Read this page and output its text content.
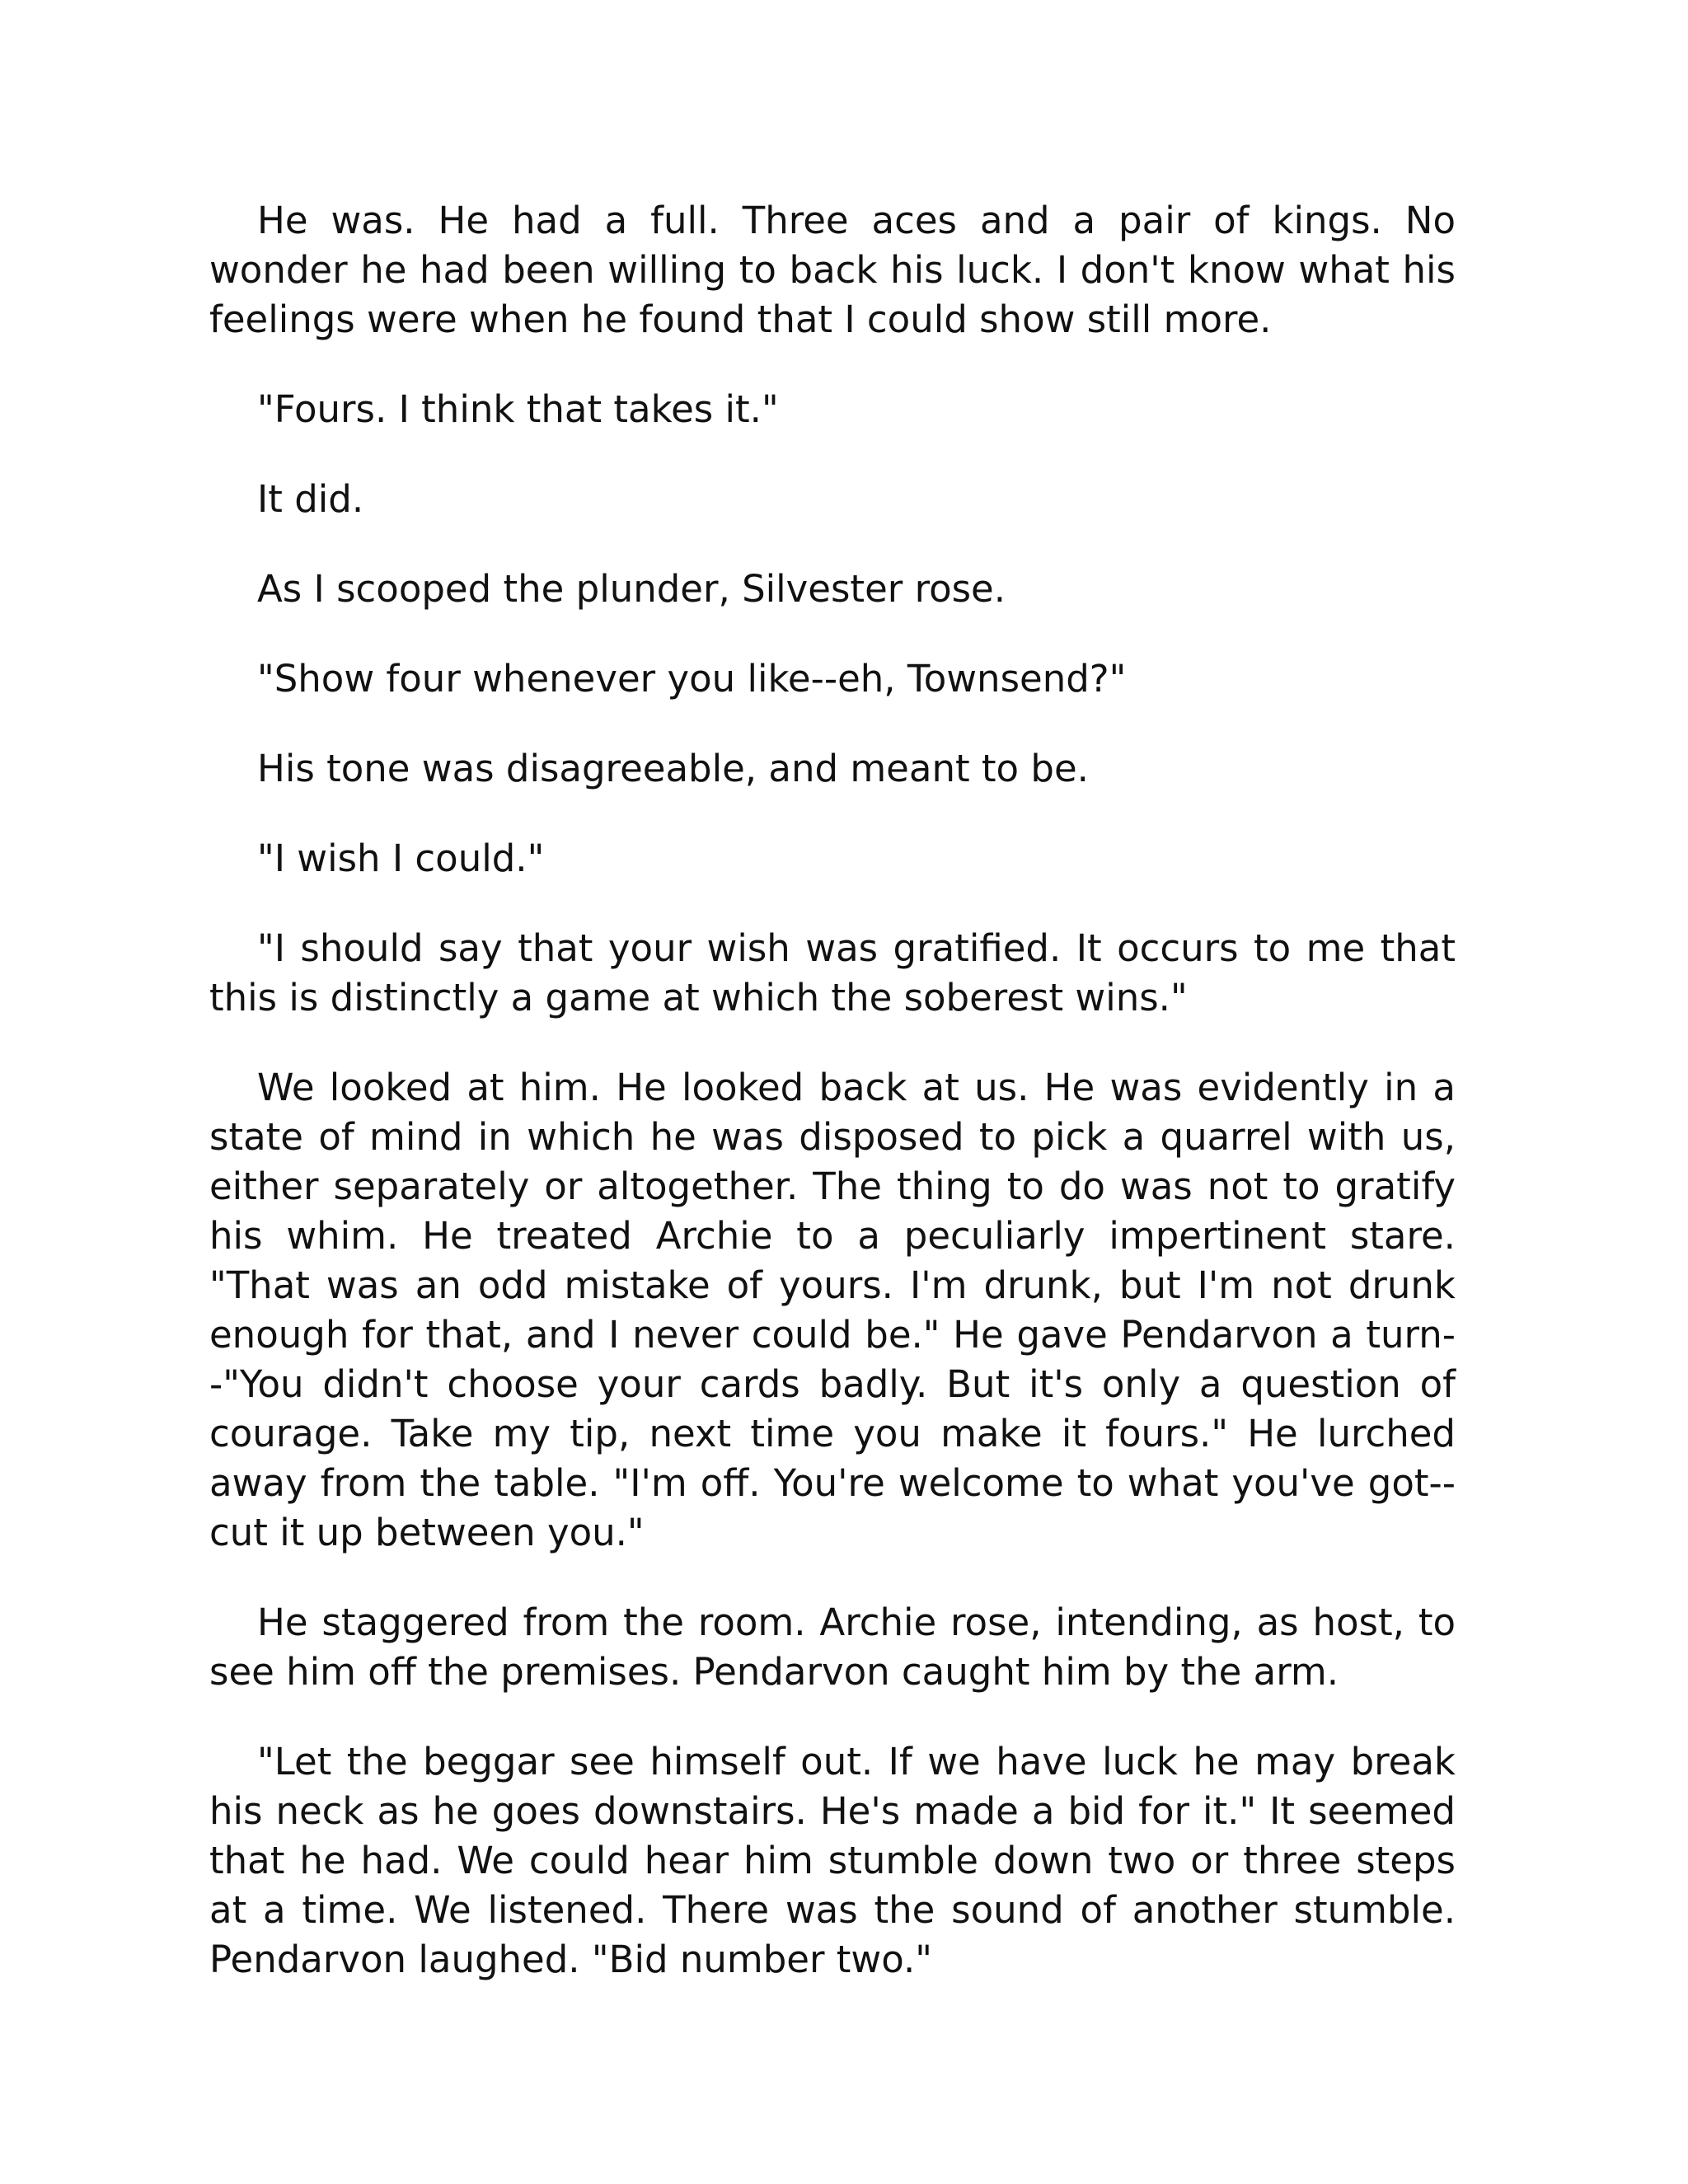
He was. He had a full. Three aces and a pair of kings. No wonder he had been willing to back his luck. I don't know what his feelings were when he found that I could show still more.

"Fours. I think that takes it."

It did.

As I scooped the plunder, Silvester rose.

"Show four whenever you like--eh, Townsend?"

His tone was disagreeable, and meant to be.

"I wish I could."

"I should say that your wish was gratified. It occurs to me that this is distinctly a game at which the soberest wins."

We looked at him. He looked back at us. He was evidently in a state of mind in which he was disposed to pick a quarrel with us, either separately or altogether. The thing to do was not to gratify his whim. He treated Archie to a peculiarly impertinent stare. "That was an odd mistake of yours. I'm drunk, but I'm not drunk enough for that, and I never could be." He gave Pendarvon a turn--"You didn't choose your cards badly. But it's only a question of courage. Take my tip, next time you make it fours." He lurched away from the table. "I'm off. You're welcome to what you've got--cut it up between you."

He staggered from the room. Archie rose, intending, as host, to see him off the premises. Pendarvon caught him by the arm.

"Let the beggar see himself out. If we have luck he may break his neck as he goes downstairs. He's made a bid for it." It seemed that he had. We could hear him stumble down two or three steps at a time. We listened. There was the sound of another stumble. Pendarvon laughed. "Bid number two."
